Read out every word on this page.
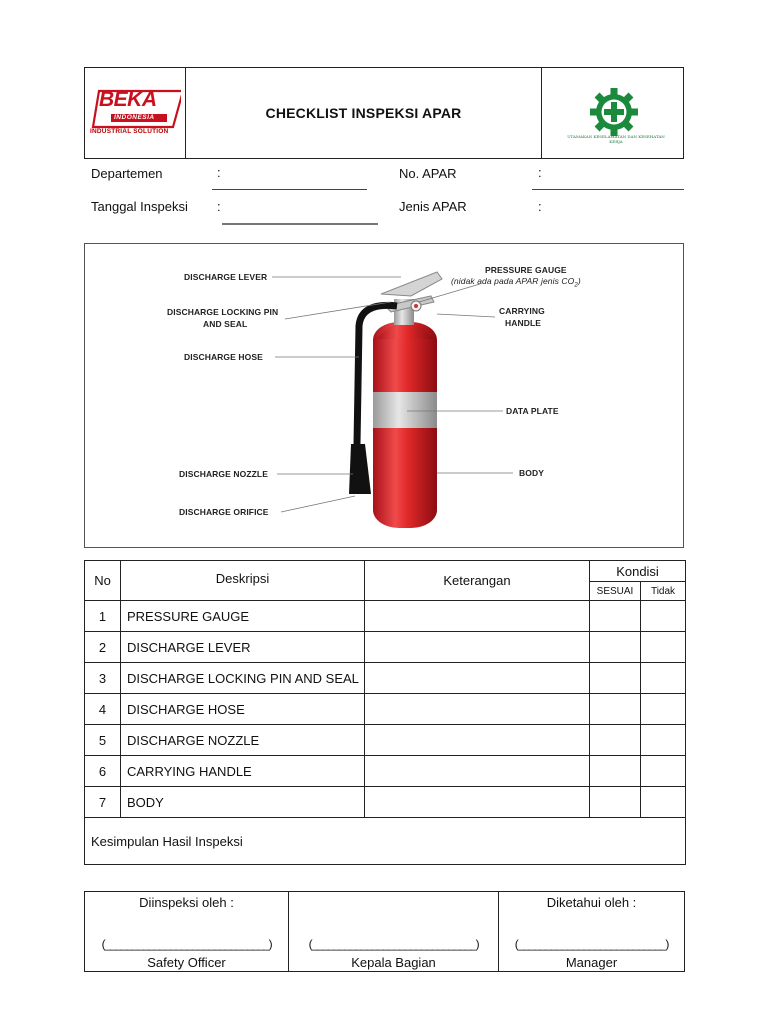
BEKA
INDONESIA
INDUSTRIAL SOLUTION
CHECKLIST INSPEKSI APAR
UTAMAKAN KESELAMATAN DAN KESEHATAN KERJA
Departemen	:	No. APAR	:
Tanggal Inspeksi :	Jenis APAR	:
DISCHARGE LEVER
DISCHARGE LOCKING PIN
AND SEAL
DISCHARGE HOSE
DISCHARGE NOZZLE
DISCHARGE ORIFICE
PRESSURE GAUGE
(nidak ada pada APAR jenis $CO_2$)
CARRYING
HANDLE
DATA PLATE
BODY
No	Deskripsi	Keterangan	Kondisi	
			SESUAI	Tidak
1	PRESSURE GAUGE			
2	DISCHARGE LEVER			
3	DISCHARGE LOCKING PIN AND SEAL			
4	DISCHARGE HOSE			
5	DISCHARGE NOZZLE			
6	CARRYING HANDLE			
7	BODY			
Kesimpulan Hasil Inspeksi				
Diinspeksi oleh :
(______________________________)
Safety Officer
(______________________________)
Kepala Bagian
Diketahui oleh :
(___________________________)
Manager
